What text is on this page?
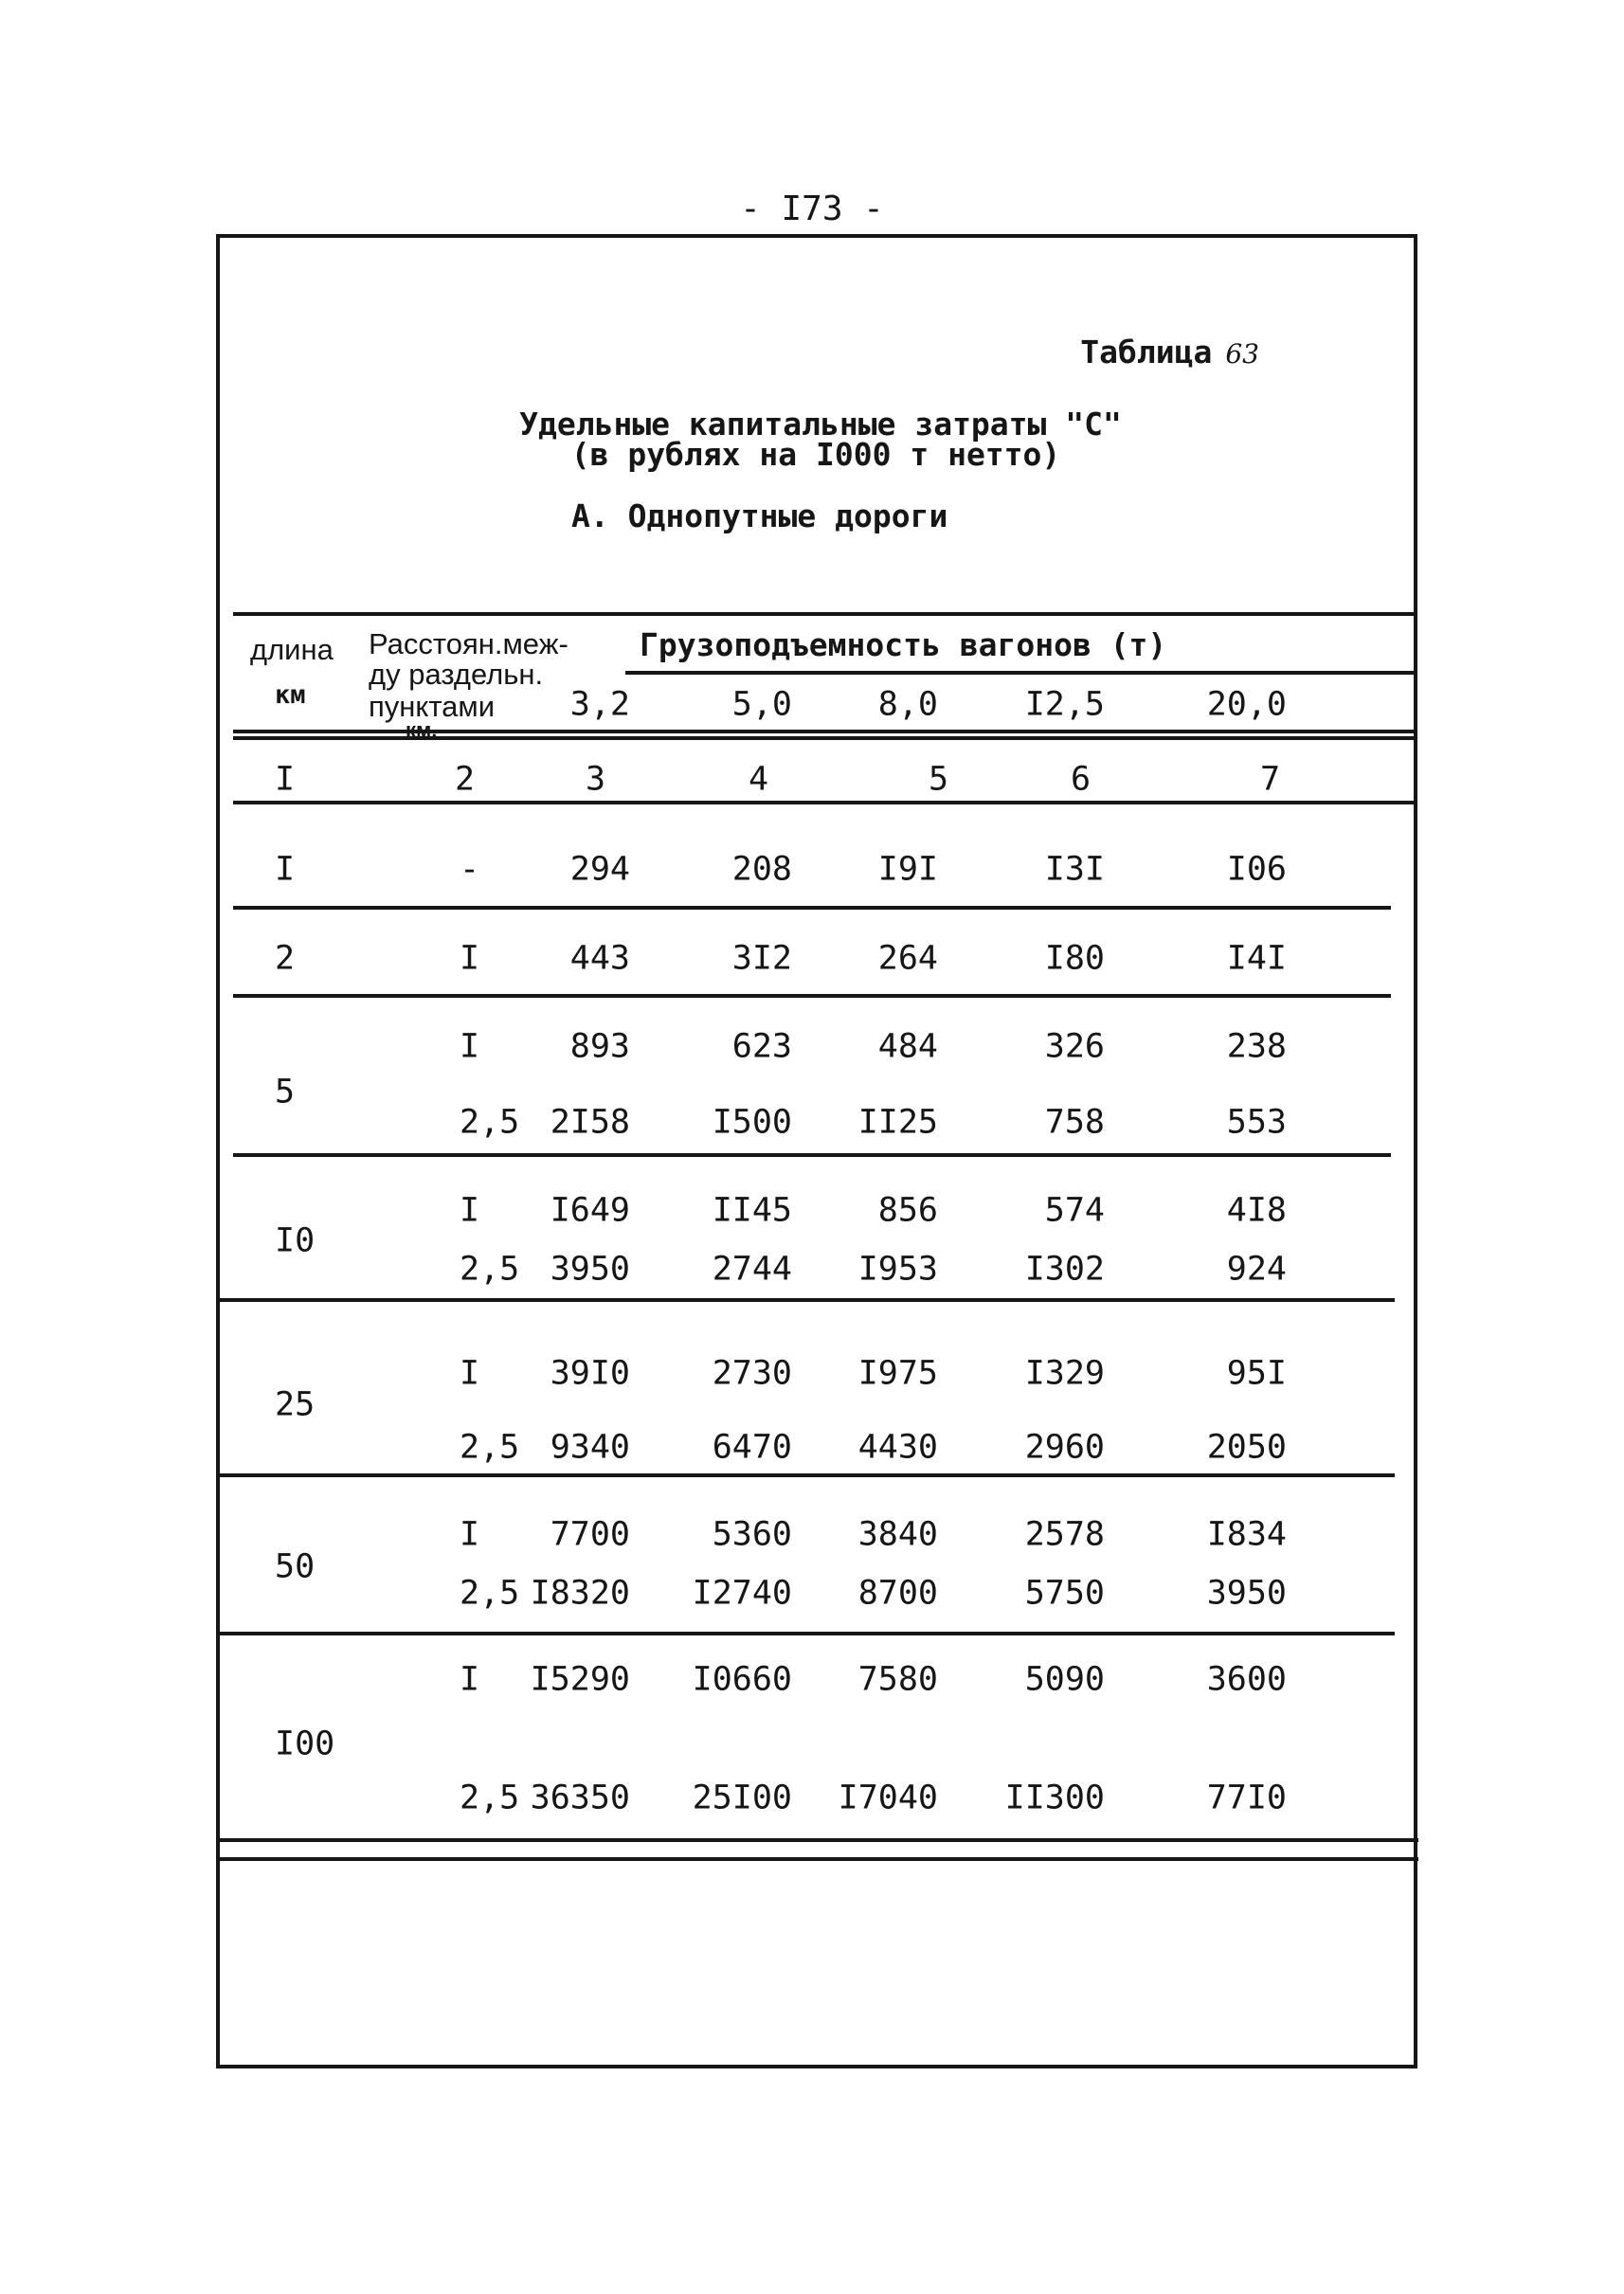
- I73 -
Таблица 63
Удельные капитальные затраты "С"
(в рублях на I000 т нетто)
А. Однопутные дороги
длина
км
Расстоян.меж-
ду раздельн.
пунктами
км.
Грузоподъемность вагонов (т)
3,2	5,0	8,0	I2,5	20,0
I	2	3	4	5	6	7
I	-	294	208	I9I	I3I	I06
2	I	443	3I2	264	I80	I4I
5
I	893	623	484	326	238
2,5 2I58	I500	II25	758	553
I0
I	I649	II45	856	574	4I8
2,5 3950	2744	I953	I302	924
25
I	39I0	2730	I975	I329	95I
2,5 9340	6470	4430	2960	2050
50
I	7700	5360	3840	2578	I834
2,5 I8320 I2740	8700	5750	3950
I00
I	I5290 I0660	7580	5090	3600
2,5 36350 25I00 I7040 II300	77I0
